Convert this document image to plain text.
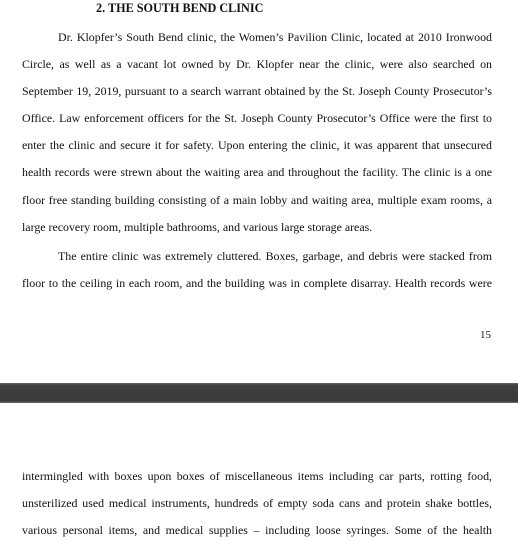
2. THE SOUTH BEND CLINIC
Dr. Klopfer’s South Bend clinic, the Women’s Pavilion Clinic, located at 2010 Ironwood
Circle, as well as a vacant lot owned by Dr. Klopfer near the clinic, were also searched on
September 19, 2019, pursuant to a search warrant obtained by the St. Joseph County Prosecutor’s
Office. Law enforcement officers for the St. Joseph County Prosecutor’s Office were the first to
enter the clinic and secure it for safety. Upon entering the clinic, it was apparent that unsecured
health records were strewn about the waiting area and throughout the facility. The clinic is a one
floor free standing building consisting of a main lobby and waiting area, multiple exam rooms, a
large recovery room, multiple bathrooms, and various large storage areas.
The entire clinic was extremely cluttered. Boxes, garbage, and debris were stacked from
floor to the ceiling in each room, and the building was in complete disarray. Health records were
15
intermingled with boxes upon boxes of miscellaneous items including car parts, rotting food,
unsterilized used medical instruments, hundreds of empty soda cans and protein shake bottles,
various personal items, and medical supplies – including loose syringes. Some of the health
